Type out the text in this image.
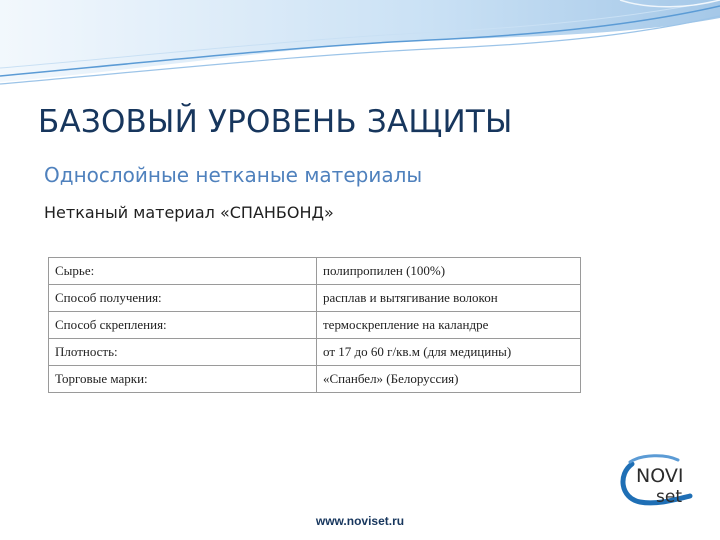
БАЗОВЫЙ УРОВЕНЬ ЗАЩИТЫ
Однослойные нетканые материалы
Нетканый материал «СПАНБОНД»
Сырье:	полипропилен (100%)
Способ получения:	расплав и вытягивание волокон
Способ скрепления:	термоскрепление на каландре
Плотность:	от 17 до 60 г/кв.м (для медицины)
Торговые марки:	«Спанбел» (Белоруссия)
NOVI
set
www.noviset.ru
